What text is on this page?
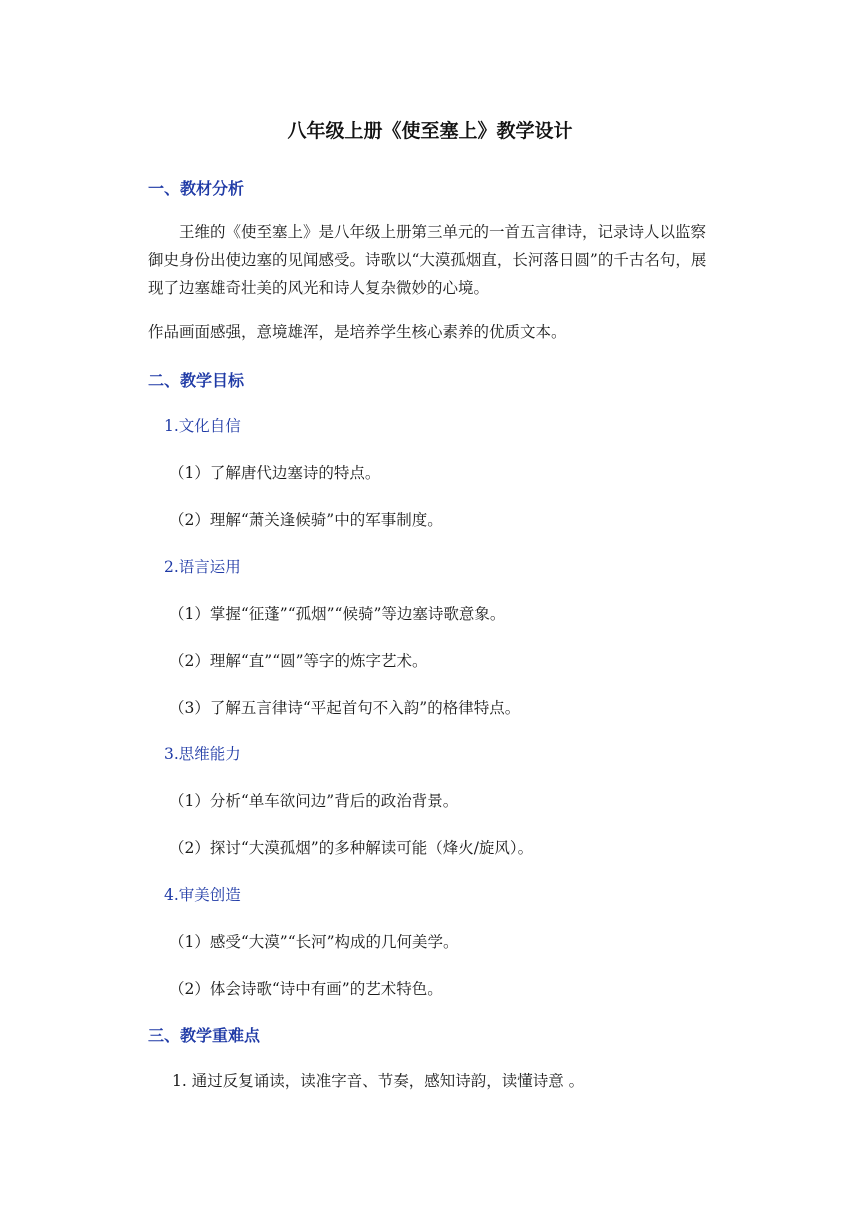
八年级上册《使至塞上》教学设计
一、教材分析
王维的《使至塞上》是八年级上册第三单元的一首五言律诗，记录诗人以监察御史身份出使边塞的见闻感受。诗歌以“大漠孤烟直，长河落日圆”的千古名句，展现了边塞雄奇壮美的风光和诗人复杂微妙的心境。
作品画面感强，意境雄浑，是培养学生核心素养的优质文本。
二、教学目标
1.文化自信
（1）了解唐代边塞诗的特点。
（2）理解“萧关逢候骑”中的军事制度。
2.语言运用
（1）掌握“征蓬”“孤烟”“候骑”等边塞诗歌意象。
（2）理解“直”“圆”等字的炼字艺术。
（3）了解五言律诗“平起首句不入韵”的格律特点。
3.思维能力
（1）分析“单车欲问边”背后的政治背景。
（2）探讨“大漠孤烟”的多种解读可能（烽火/旋风）。
4.审美创造
（1）感受“大漠”“长河”构成的几何美学。
（2）体会诗歌“诗中有画”的艺术特色。
三、教学重难点
1. 通过反复诵读，读准字音、节奏，感知诗韵，读懂诗意 。
